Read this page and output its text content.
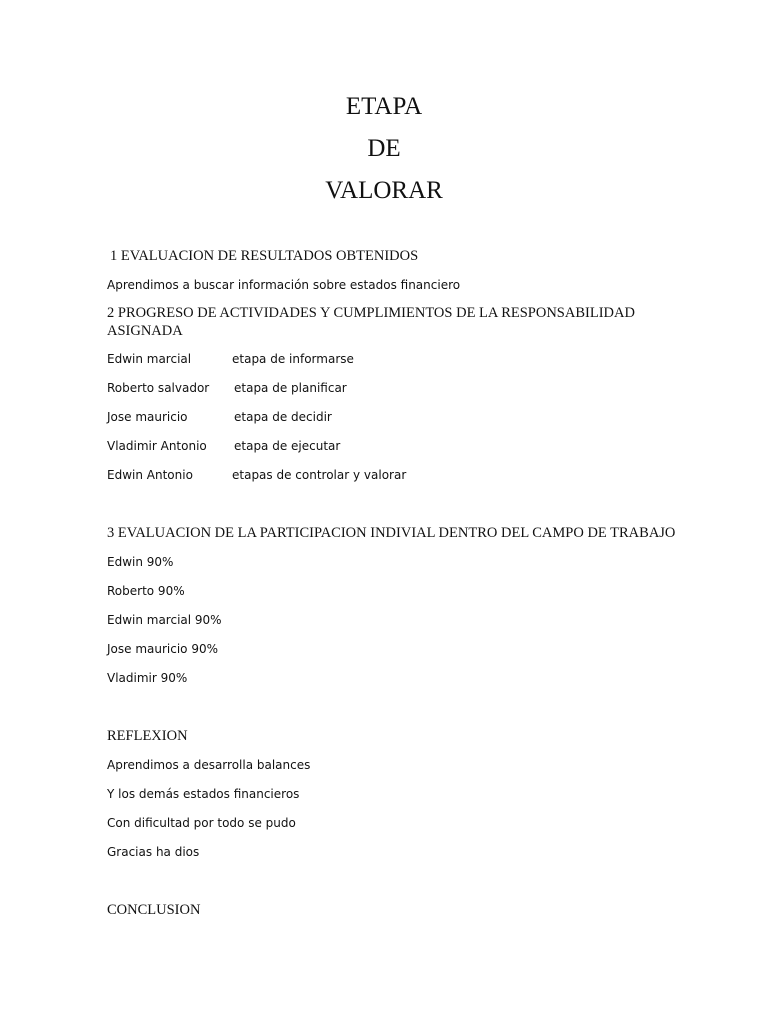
ETAPA
DE
VALORAR
1 EVALUACION DE RESULTADOS OBTENIDOS
Aprendimos a buscar información sobre estados financiero
2 PROGRESO DE ACTIVIDADES Y CUMPLIMIENTOS DE LA RESPONSABILIDAD ASIGNADA
Edwin marcial	etapa de informarse
Roberto salvador etapa de planificar
Jose mauricio	etapa de decidir
Vladimir Antonio etapa de ejecutar
Edwin Antonio	etapas de controlar y valorar
3 EVALUACION DE LA PARTICIPACION INDIVIAL DENTRO DEL CAMPO DE TRABAJO
Edwin 90%
Roberto 90%
Edwin marcial 90%
Jose mauricio 90%
Vladimir 90%
REFLEXION
Aprendimos a desarrolla balances
Y los demás estados financieros
Con dificultad por todo se pudo
Gracias ha dios
CONCLUSION
